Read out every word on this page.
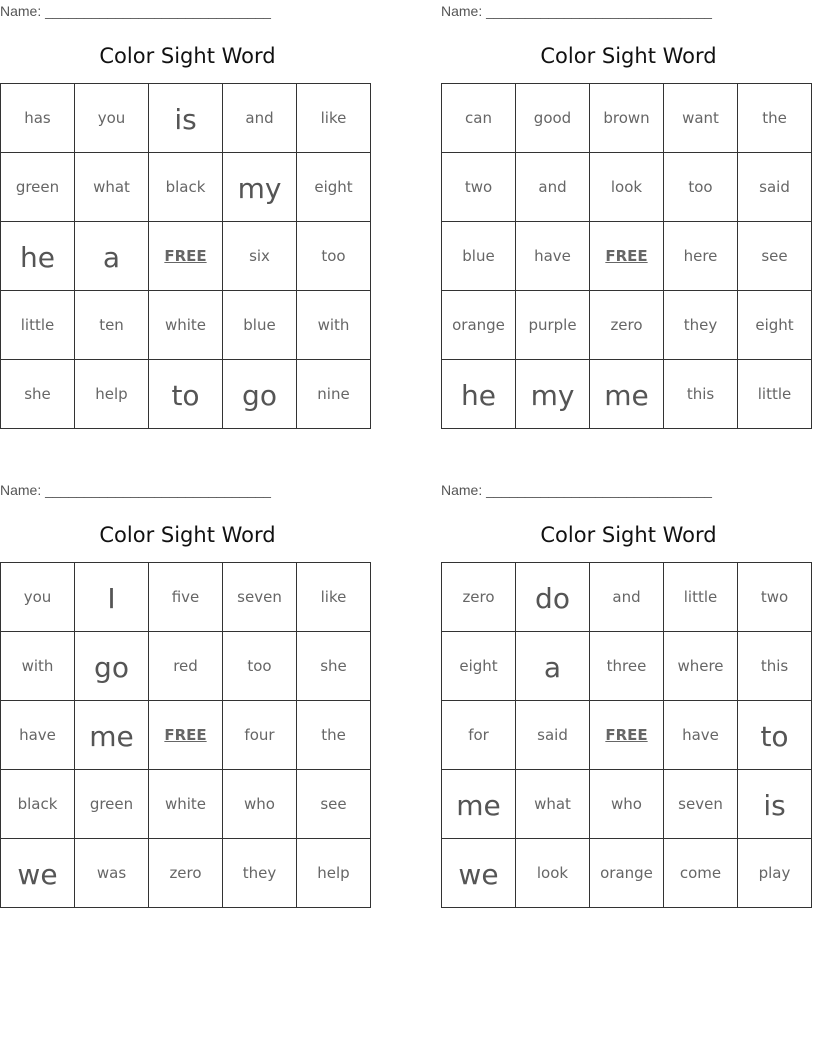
Name: _____________________________
Color Sight Word
has	you	is	and	like
green	what	black	my	eight
he	a	FREE	six	too
little	ten	white	blue	with
she	help	to	go	nine
Name: _____________________________
Color Sight Word
can	good	brown	want	the
two	and	look	too	said
blue	have	FREE	here	see
orange	purple	zero	they	eight
he	my	me	this	little
Name: _____________________________
Color Sight Word
you	I	five	seven	like
with	go	red	too	she
have	me	FREE	four	the
black	green	white	who	see
we	was	zero	they	help
Name: _____________________________
Color Sight Word
zero	do	and	little	two
eight	a	three	where	this
for	said	FREE	have	to
me	what	who	seven	is
we	look	orange	come	play
